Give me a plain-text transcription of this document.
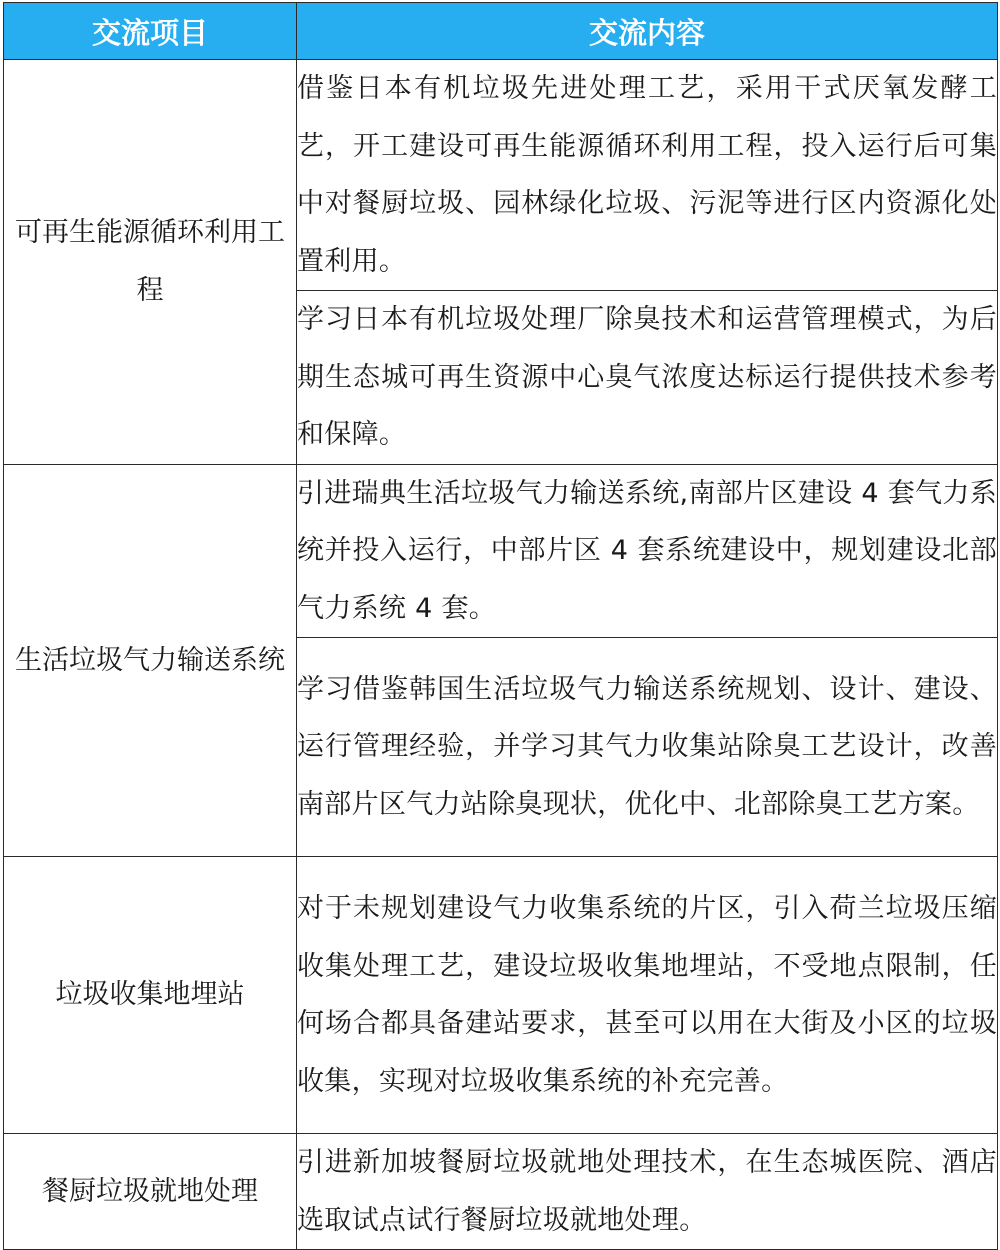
交流项目	交流内容
可再生能源循环利用工程	借鉴日本有机垃圾先进处理工艺，采用干式厌氧发酵工艺，开工建设可再生能源循环利用工程，投入运行后可集中对餐厨垃圾、园林绿化垃圾、污泥等进行区内资源化处置利用。
	学习日本有机垃圾处理厂除臭技术和运营管理模式，为后期生态城可再生资源中心臭气浓度达标运行提供技术参考和保障。
生活垃圾气力输送系统	引进瑞典生活垃圾气力输送系统,南部片区建设 4 套气力系统并投入运行，中部片区 4 套系统建设中，规划建设北部气力系统 4 套。
	学习借鉴韩国生活垃圾气力输送系统规划、设计、建设、运行管理经验，并学习其气力收集站除臭工艺设计，改善南部片区气力站除臭现状，优化中、北部除臭工艺方案。
垃圾收集地埋站	对于未规划建设气力收集系统的片区，引入荷兰垃圾压缩收集处理工艺，建设垃圾收集地埋站，不受地点限制，任何场合都具备建站要求，甚至可以用在大街及小区的垃圾收集，实现对垃圾收集系统的补充完善。
餐厨垃圾就地处理	引进新加坡餐厨垃圾就地处理技术，在生态城医院、酒店选取试点试行餐厨垃圾就地处理。
